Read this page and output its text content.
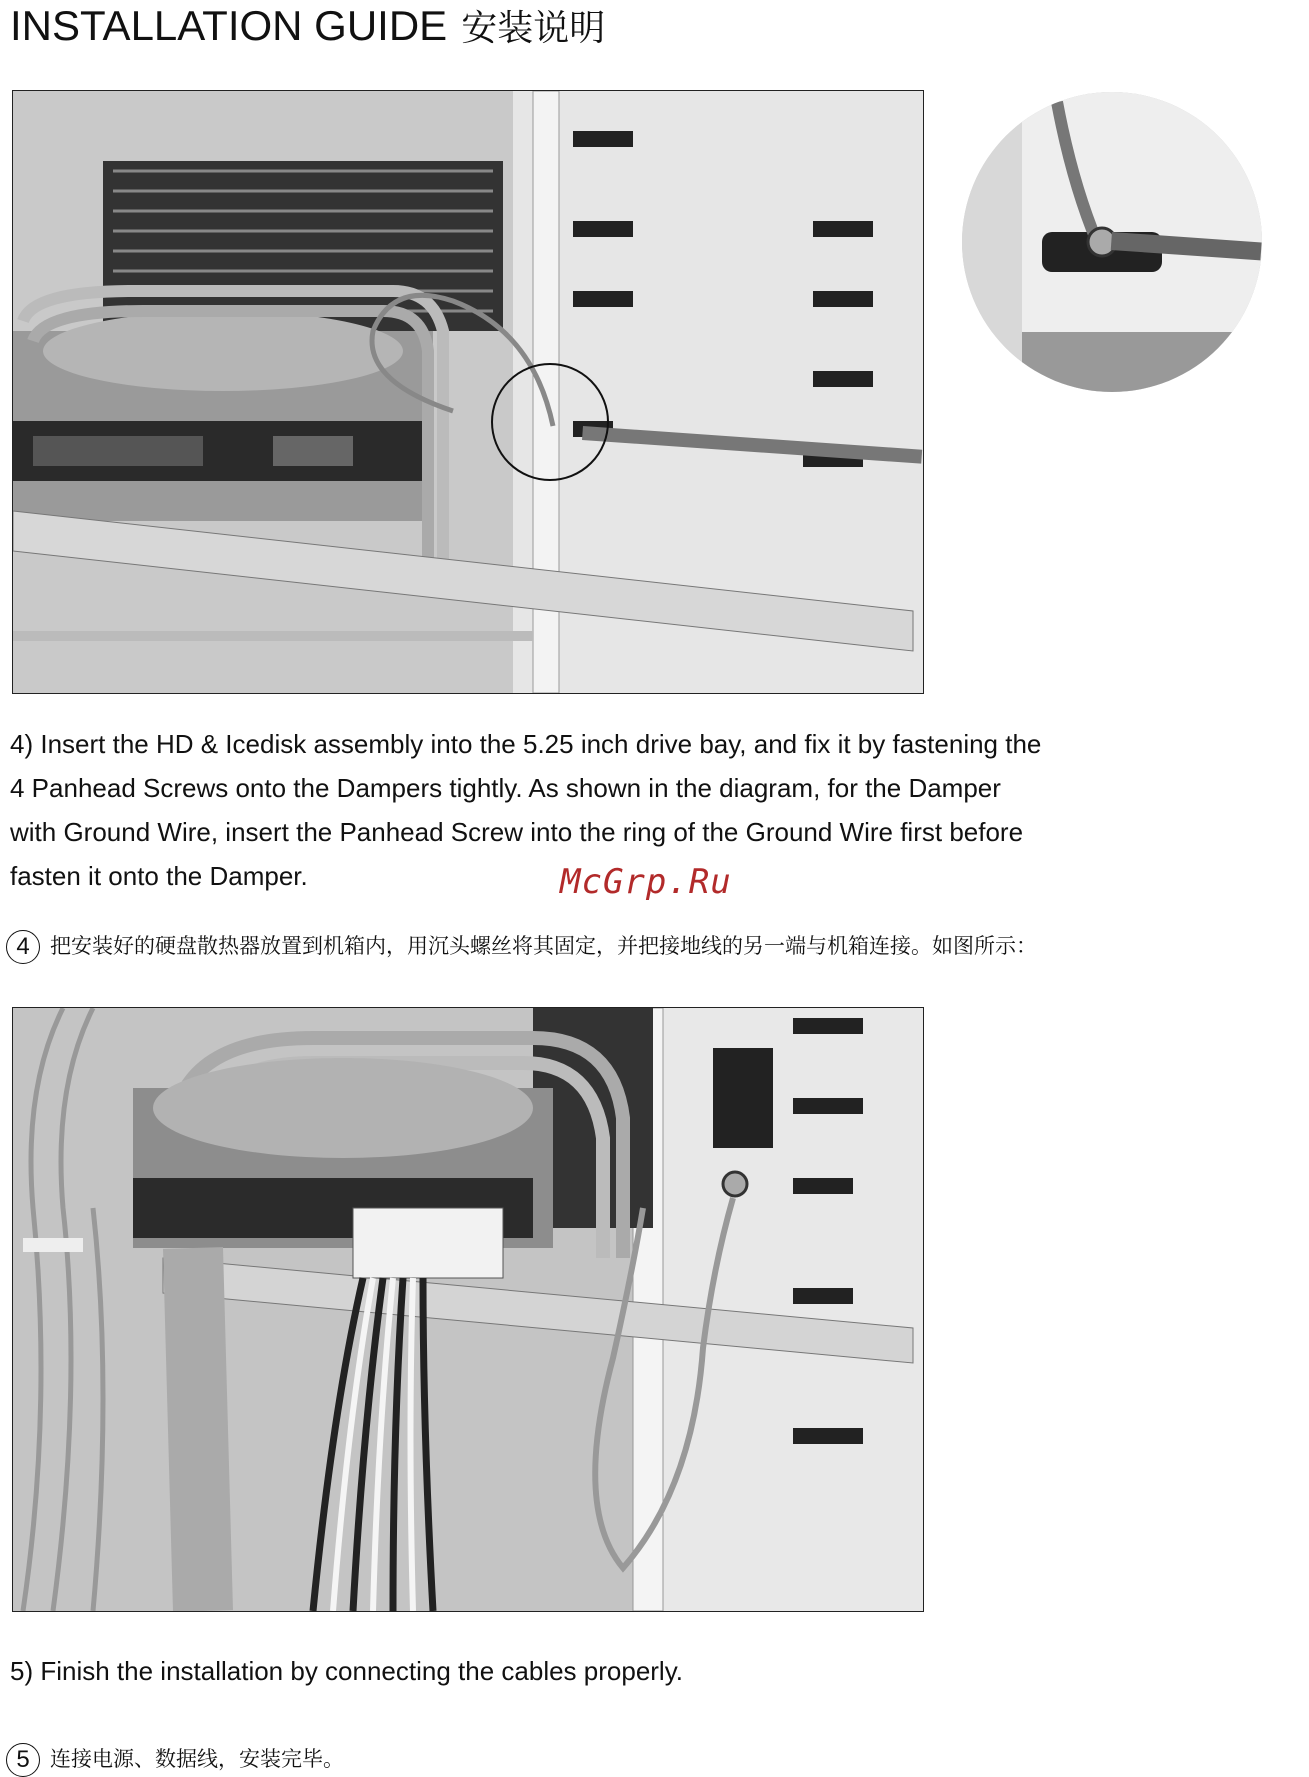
INSTALLATION GUIDE 安装说明
4) Insert the HD & Icedisk assembly into the 5.25 inch drive bay, and fix it by fastening the
4 Panhead Screws onto the Dampers tightly. As shown in the diagram, for the Damper
with Ground Wire, insert the Panhead Screw into the ring of the Ground Wire first before
fasten it onto the Damper.	McGrp.Ru
4 把安装好的硬盘散热器放置到机箱内，用沉头螺丝将其固定，并把接地线的另一端与机箱连接。如图所示：
5) Finish the installation by connecting the cables properly.
5 连接电源、数据线，安装完毕。
